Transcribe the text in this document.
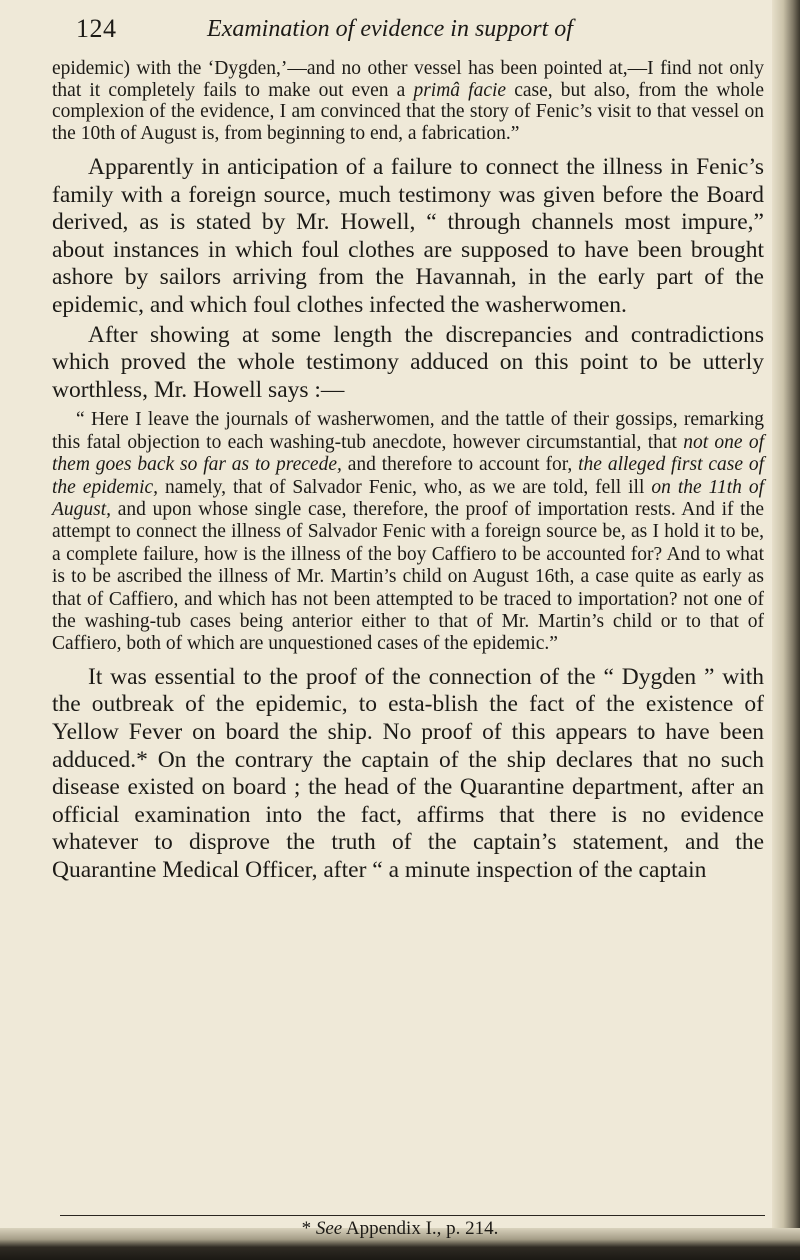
124	Examination of evidence in support of

epidemic) with the ‘Dygden,’—and no other vessel has been pointed at,—I find not only that it completely fails to make out even a primâ facie case, but also, from the whole complexion of the evidence, I am convinced that the story of Fenic’s visit to that vessel on the 10th of August is, from beginning to end, a fabrication.”

Apparently in anticipation of a failure to connect the illness in Fenic’s family with a foreign source, much testimony was given before the Board derived, as is stated by Mr. Howell, “ through channels most impure,” about instances in which foul clothes are supposed to have been brought ashore by sailors arriving from the Havannah, in the early part of the epidemic, and which foul clothes infected the washerwomen.

After showing at some length the discrepancies and contradictions which proved the whole testimony adduced on this point to be utterly worthless, Mr. Howell says :—

“ Here I leave the journals of washerwomen, and the tattle of their gossips, remarking this fatal objection to each washing-tub anecdote, however circumstantial, that not one of them goes back so far as to precede, and therefore to account for, the alleged first case of the epidemic, namely, that of Salvador Fenic, who, as we are told, fell ill on the 11th of August, and upon whose single case, therefore, the proof of importation rests. And if the attempt to connect the illness of Salvador Fenic with a foreign source be, as I hold it to be, a complete failure, how is the illness of the boy Caffiero to be accounted for? And to what is to be ascribed the illness of Mr. Martin’s child on August 16th, a case quite as early as that of Caffiero, and which has not been attempted to be traced to importation? not one of the washing-tub cases being anterior either to that of Mr. Martin’s child or to that of Caffiero, both of which are unquestioned cases of the epidemic.”

It was essential to the proof of the connection of the “ Dygden ” with the outbreak of the epidemic, to esta-blish the fact of the existence of Yellow Fever on board the ship. No proof of this appears to have been adduced.* On the contrary the captain of the ship declares that no such disease existed on board ; the head of the Quarantine department, after an official examination into the fact, affirms that there is no evidence whatever to disprove the truth of the captain’s statement, and the Quarantine Medical Officer, after “ a minute inspection of the captain

* See Appendix I., p. 214.
